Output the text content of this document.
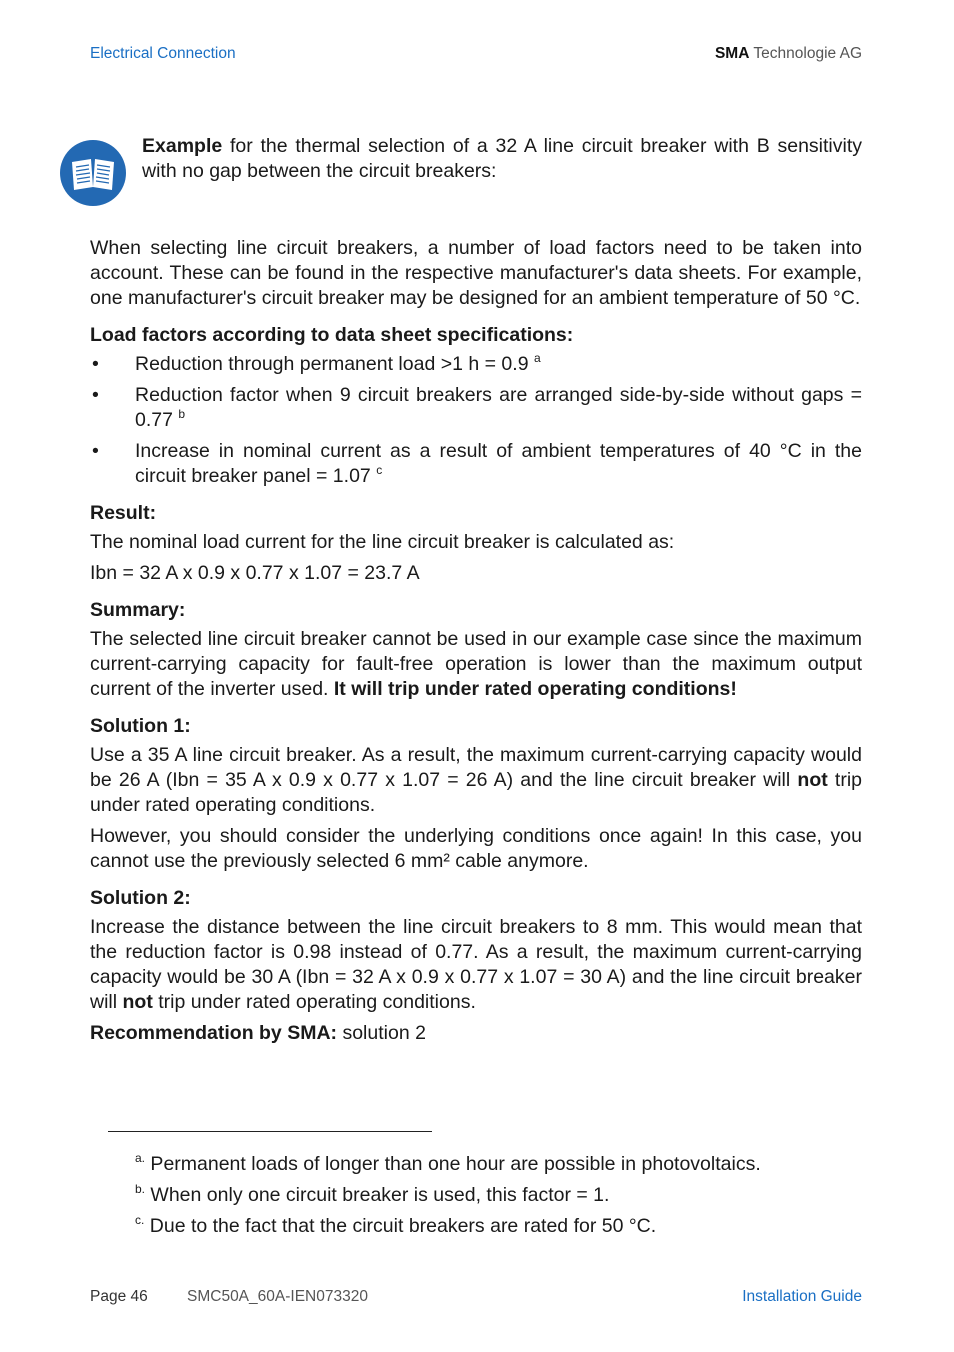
Electrical Connection	SMA Technologie AG
Example for the thermal selection of a 32 A line circuit breaker with B sensitivity with no gap between the circuit breakers:

When selecting line circuit breakers, a number of load factors need to be taken into account. These can be found in the respective manufacturer's data sheets. For example, one manufacturer's circuit breaker may be designed for an ambient temperature of 50 °C.

Load factors according to data sheet specifications:
• Reduction through permanent load >1 h = 0.9 $^a$
• Reduction factor when 9 circuit breakers are arranged side-by-side without gaps = 0.77 $^b$
• Increase in nominal current as a result of ambient temperatures of 40 °C in the circuit breaker panel = 1.07 $^c$
Result:

The nominal load current for the line circuit breaker is calculated as:

Ibn = 32 A x 0.9 x 0.77 x 1.07 = 23.7 A

Summary:

The selected line circuit breaker cannot be used in our example case since the maximum current-carrying capacity for fault-free operation is lower than the maximum output current of the inverter used. It will trip under rated operating conditions!

Solution 1:

Use a 35 A line circuit breaker. As a result, the maximum current-carrying capacity would be 26 A (Ibn = 35 A x 0.9 x 0.77 x 1.07 = 26 A) and the line circuit breaker will not trip under rated operating conditions.

However, you should consider the underlying conditions once again! In this case, you cannot use the previously selected 6 mm² cable anymore.

Solution 2:

Increase the distance between the line circuit breakers to 8 mm. This would mean that the reduction factor is 0.98 instead of 0.77. As a result, the maximum current-carrying capacity would be 30 A (Ibn = 32 A x 0.9 x 0.77 x 1.07 = 30 A) and the line circuit breaker will not trip under rated operating conditions.

Recommendation by SMA: solution 2

$^{a.}$ Permanent loads of longer than one hour are possible in photovoltaics.
$^{b.}$ When only one circuit breaker is used, this factor = 1.
$^{c.}$ Due to the fact that the circuit breakers are rated for 50 °C.
Page 46	SMC50A_60A-IEN073320	Installation Guide
